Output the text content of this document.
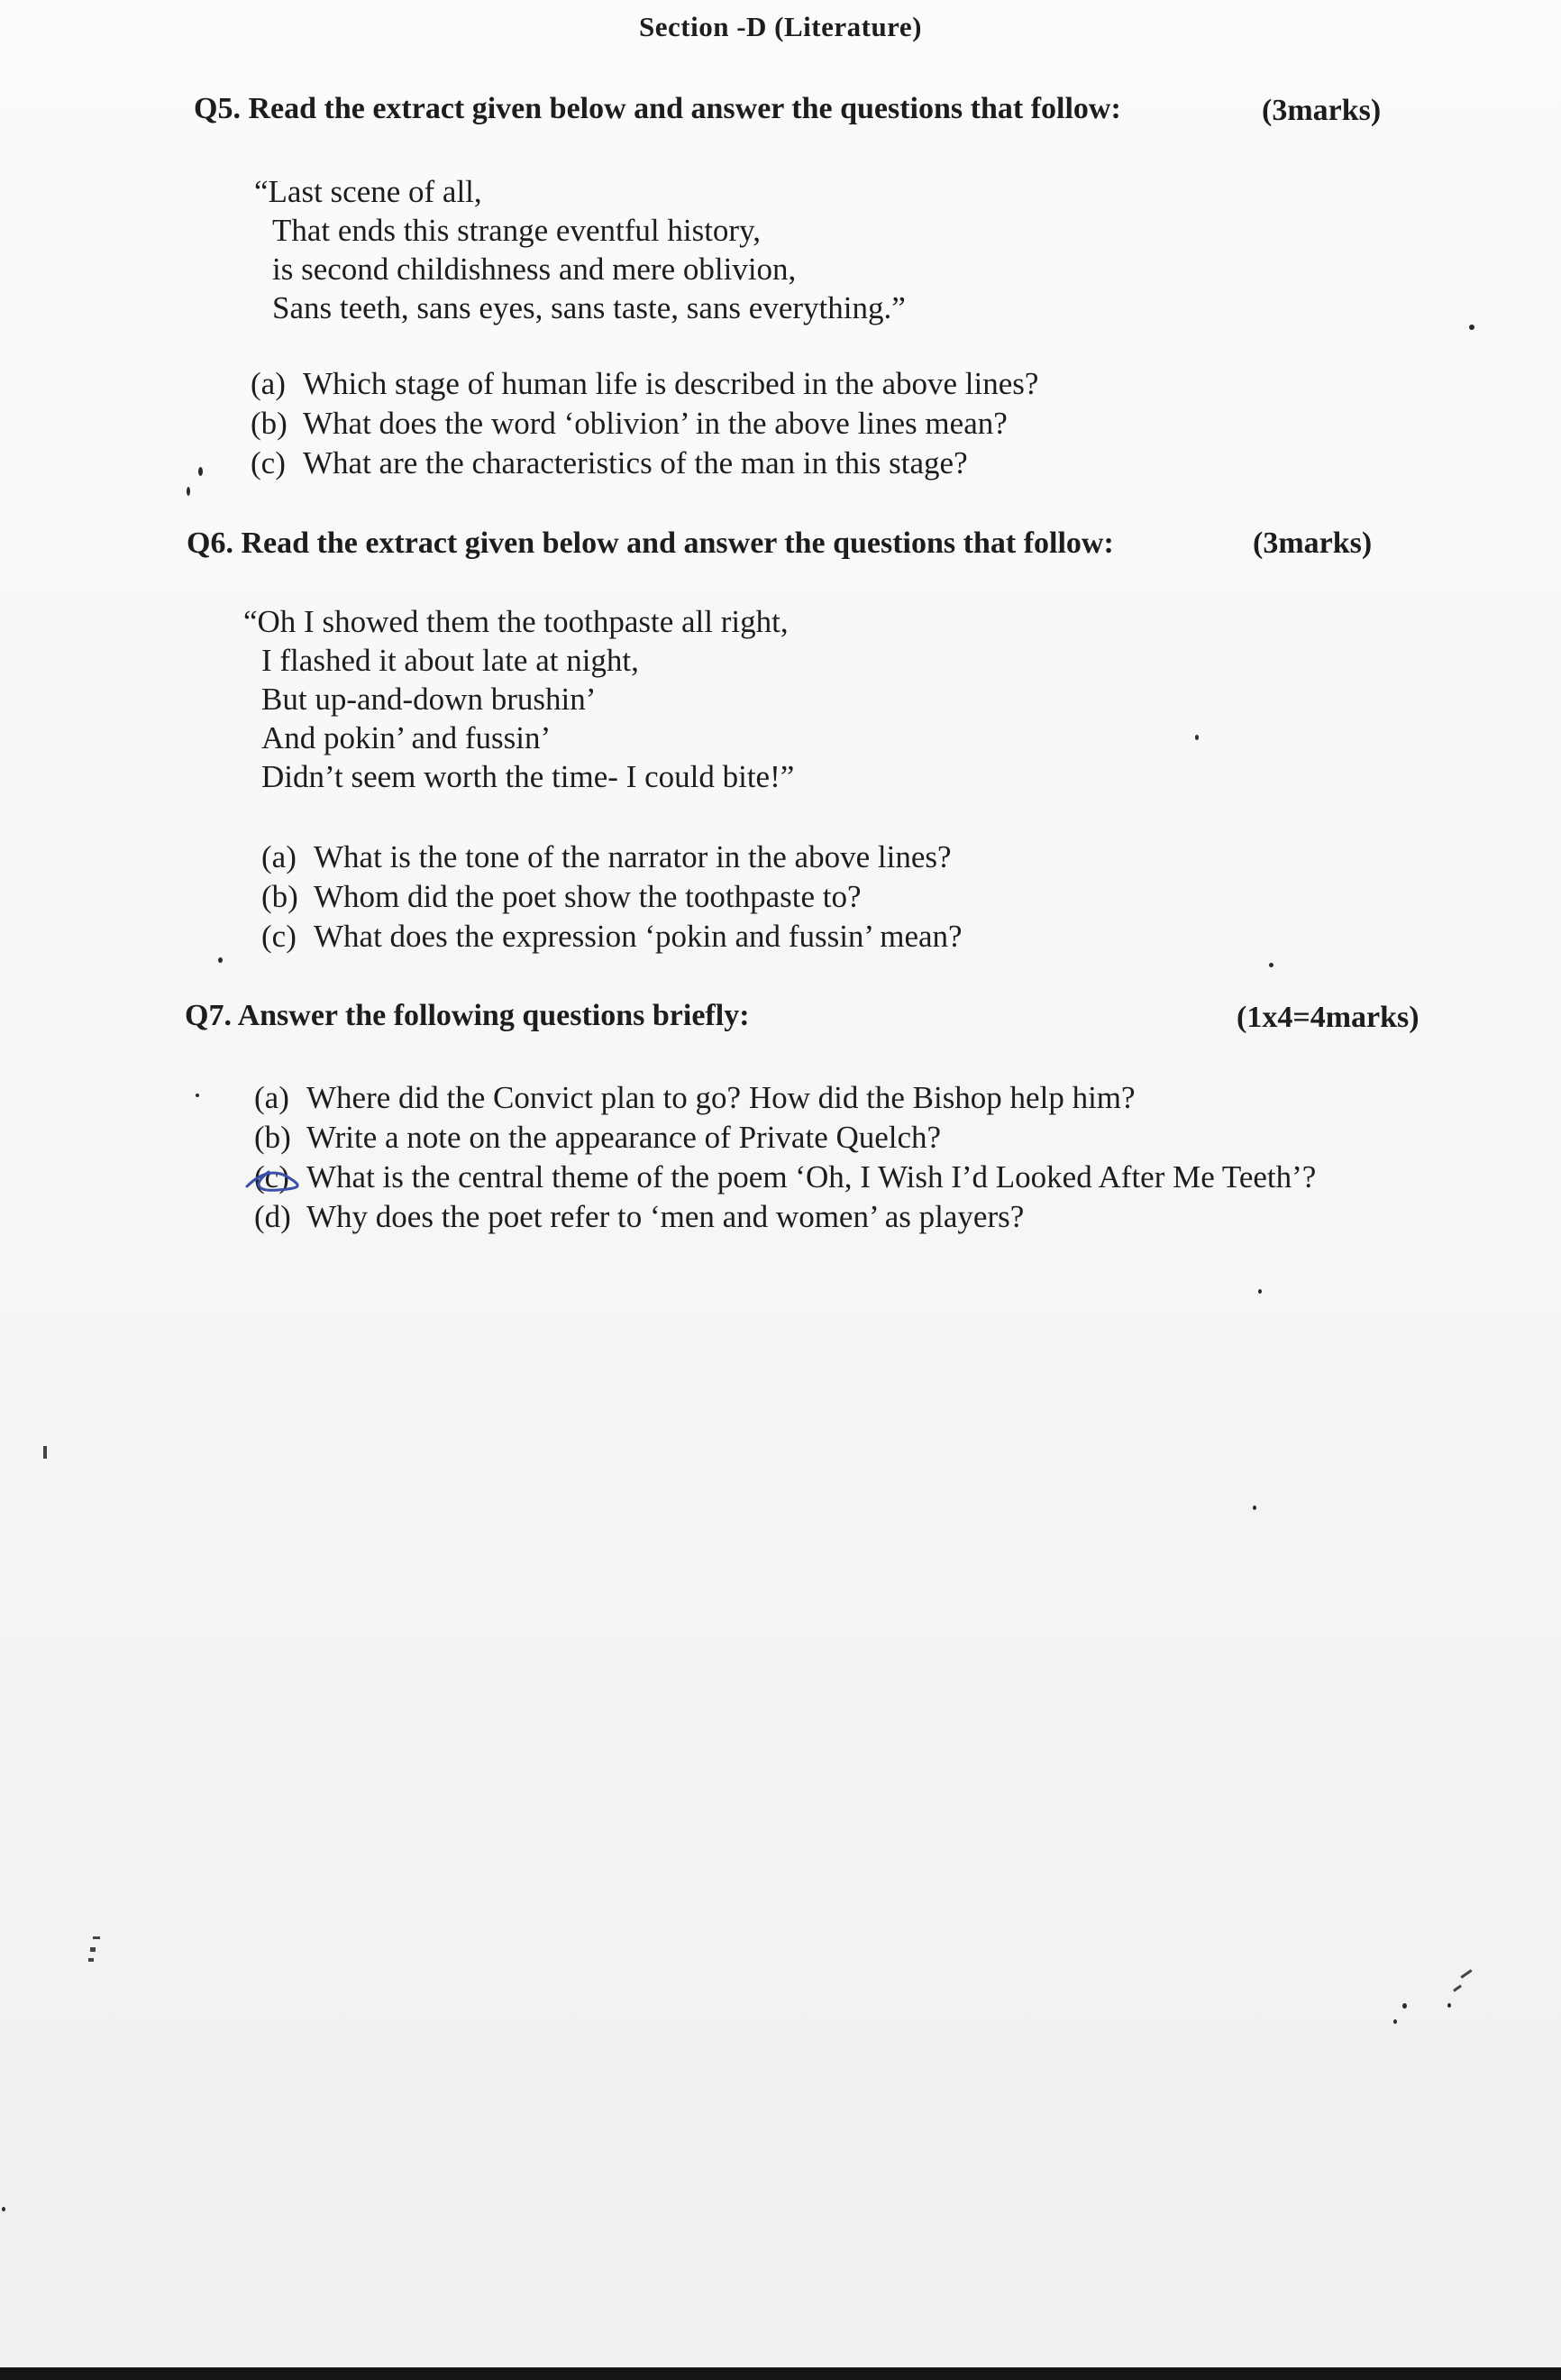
Section -D (Literature)
Q5. Read the extract given below and answer the questions that follow:	(3marks)
“Last scene of all,
That ends this strange eventful history,
is second childishness and mere oblivion,
Sans teeth, sans eyes, sans taste, sans everything.”
(a) Which stage of human life is described in the above lines?
(b) What does the word ‘oblivion’ in the above lines mean?
(c) What are the characteristics of the man in this stage?
Q6. Read the extract given below and answer the questions that follow:	(3marks)
“Oh I showed them the toothpaste all right,
I flashed it about late at night,
But up-and-down brushin’
And pokin’ and fussin’
Didn’t seem worth the time- I could bite!”
(a) What is the tone of the narrator in the above lines?
(b) Whom did the poet show the toothpaste to?
(c) What does the expression ‘pokin and fussin’ mean?
Q7. Answer the following questions briefly:	(1x4=4marks)
(a) Where did the Convict plan to go? How did the Bishop help him?
(b) Write a note on the appearance of Private Quelch?
(c) What is the central theme of the poem ‘Oh, I Wish I’d Looked After Me Teeth’?
(d) Why does the poet refer to ‘men and women’ as players?
